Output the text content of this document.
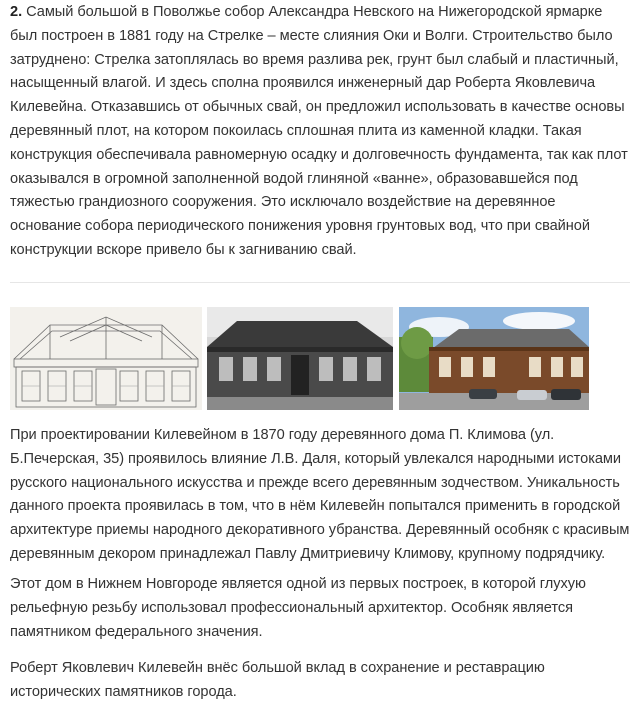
2. Самый большой в Поволжье собор Александра Невского на Нижегородской ярмарке был построен в 1881 году на Стрелке – месте слияния Оки и Волги. Строительство было затруднено: Стрелка затоплялась во время разлива рек, грунт был слабый и пластичный, насыщенный влагой. И здесь сполна проявился инженерный дар Роберта Яковлевича Килевейна. Отказавшись от обычных свай, он предложил использовать в качестве основы деревянный плот, на котором покоилась сплошная плита из каменной кладки. Такая конструкция обеспечивала равномерную осадку и долговечность фундамента, так как плот оказывался в огромной заполненной водой глиняной «ванне», образовавшейся под тяжестью грандиозного сооружения. Это исключало воздействие на деревянное основание собора периодического понижения уровня грунтовых вод, что при свайной конструкции вскоре привело бы к загниванию свай.

При проектировании Килевейном в 1870 году деревянного дома П. Климова (ул. Б.Печерская, 35) проявилось влияние Л.В. Даля, который увлекался народными истоками русского национального искусства и прежде всего деревянным зодчеством. Уникальность данного проекта проявилась в том, что в нём Килевейн попытался применить в городской архитектуре приемы народного декоративного убранства. Деревянный особняк с красивым деревянным декором принадлежал Павлу Дмитриевичу Климову, крупному подрядчику.

Этот дом в Нижнем Новгороде является одной из первых построек, в которой глухую рельефную резьбу использовал профессиональный архитектор. Особняк является памятником федерального значения.

Роберт Яковлевич Килевейн внёс большой вклад в сохранение и реставрацию исторических памятников города.
